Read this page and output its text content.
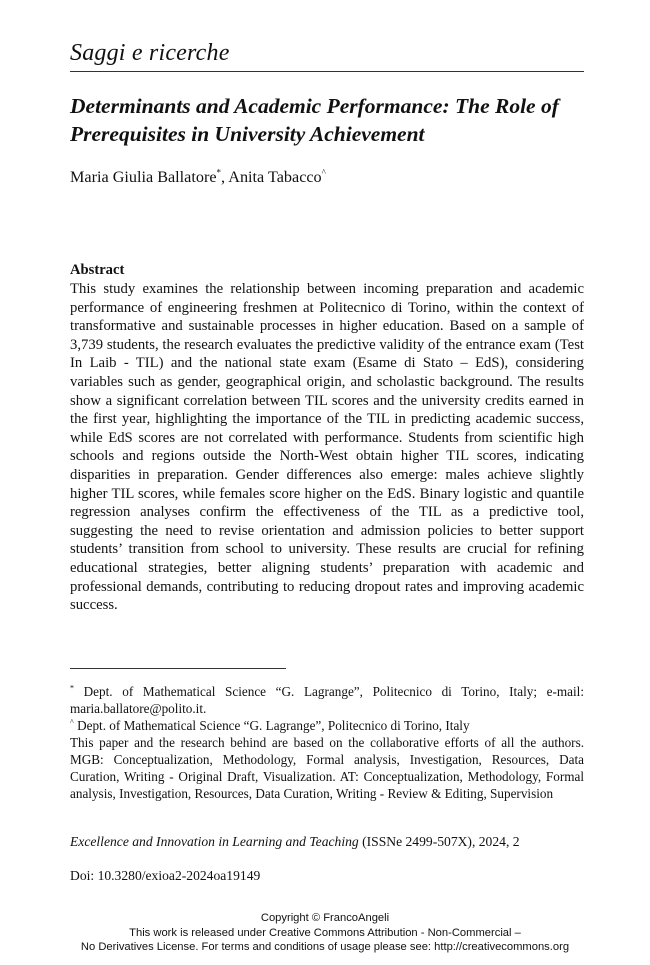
Saggi e ricerche
Determinants and Academic Performance: The Role of Prerequisites in University Achievement
Maria Giulia Ballatore*, Anita Tabacco^
Abstract

This study examines the relationship between incoming preparation and academic performance of engineering freshmen at Politecnico di Torino, within the context of transformative and sustainable processes in higher education. Based on a sample of 3,739 students, the research evaluates the predictive validity of the entrance exam (Test In Laib - TIL) and the national state exam (Esame di Stato – EdS), considering variables such as gender, geographical origin, and scholastic background. The results show a significant correlation between TIL scores and the university credits earned in the first year, highlighting the importance of the TIL in predicting academic success, while EdS scores are not correlated with performance. Students from scientific high schools and regions outside the North-West obtain higher TIL scores, indicating disparities in preparation. Gender differences also emerge: males achieve slightly higher TIL scores, while females score higher on the EdS. Binary logistic and quantile regression analyses confirm the effectiveness of the TIL as a predictive tool, suggesting the need to revise orientation and admission policies to better support students’ transition from school to university. These results are crucial for refining educational strategies, better aligning students’ preparation with academic and professional demands, contributing to reducing dropout rates and improving academic success.

* Dept. of Mathematical Science “G. Lagrange”, Politecnico di Torino, Italy; e-mail: maria.ballatore@polito.it.

^ Dept. of Mathematical Science “G. Lagrange”, Politecnico di Torino, Italy

This paper and the research behind are based on the collaborative efforts of all the authors. MGB: Conceptualization, Methodology, Formal analysis, Investigation, Resources, Data Curation, Writing - Original Draft, Visualization. AT: Conceptualization, Methodology, Formal analysis, Investigation, Resources, Data Curation, Writing - Review & Editing, Supervision

Excellence and Innovation in Learning and Teaching (ISSNe 2499-507X), 2024, 2
Doi: 10.3280/exioa2-2024oa19149
Copyright © FrancoAngeli
This work is released under Creative Commons Attribution - Non-Commercial –
No Derivatives License. For terms and conditions of usage please see: http://creativecommons.org
